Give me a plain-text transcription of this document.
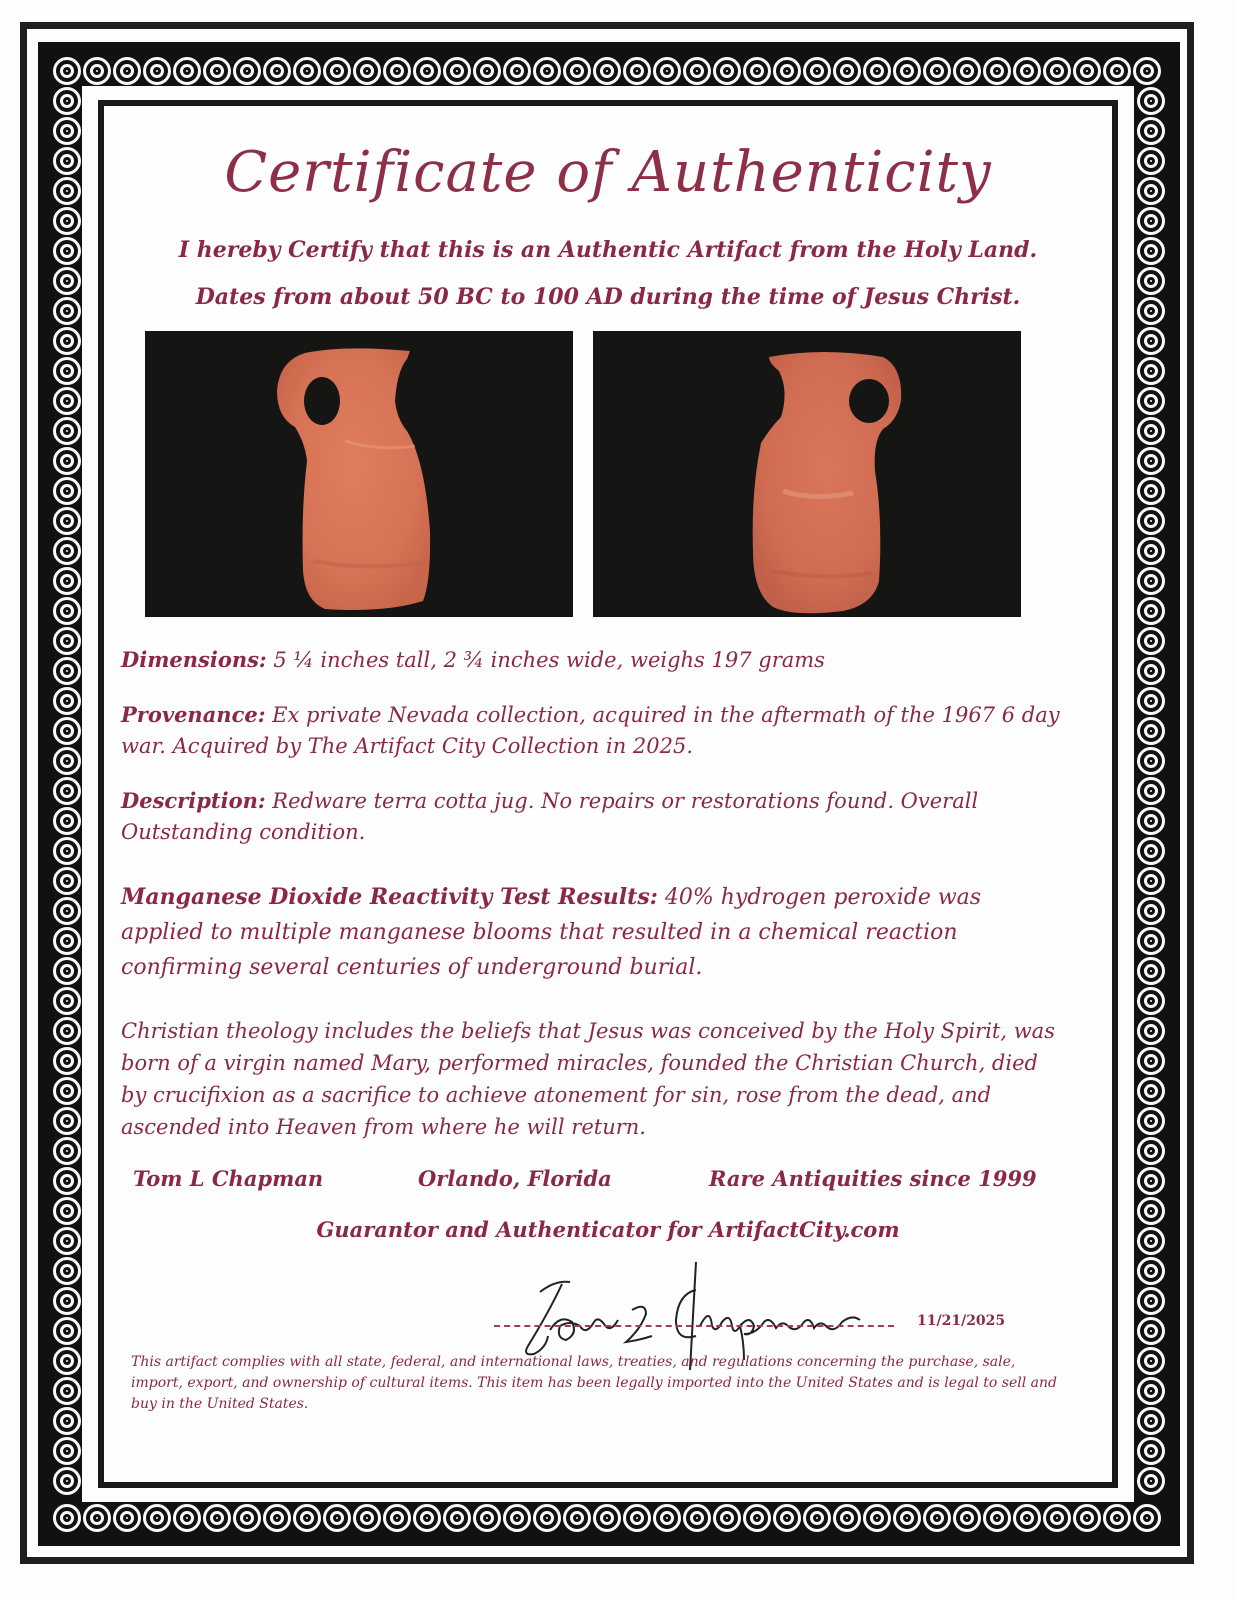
Certificate of Authenticity
I hereby Certify that this is an Authentic Artifact from the Holy Land.
Dates from about 50 BC to 100 AD during the time of Jesus Christ.
Dimensions: 5 ¼ inches tall, 2 ¾ inches wide, weighs 197 grams
Provenance: Ex private Nevada collection, acquired in the aftermath of the 1967 6 day war. Acquired by The Artifact City Collection in 2025.
Description: Redware terra cotta jug. No repairs or restorations found. Overall Outstanding condition.
Manganese Dioxide Reactivity Test Results: 40% hydrogen peroxide was applied to multiple manganese blooms that resulted in a chemical reaction confirming several centuries of underground burial.
Christian theology includes the beliefs that Jesus was conceived by the Holy Spirit, was born of a virgin named Mary, performed miracles, founded the Christian Church, died by crucifixion as a sacrifice to achieve atonement for sin, rose from the dead, and ascended into Heaven from where he will return.
Tom L Chapman	Orlando, Florida	Rare Antiquities since 1999
Guarantor and Authenticator for ArtifactCity.com
11/21/2025
This artifact complies with all state, federal, and international laws, treaties, and regulations concerning the purchase, sale, import, export, and ownership of cultural items. This item has been legally imported into the United States and is legal to sell and buy in the United States.
